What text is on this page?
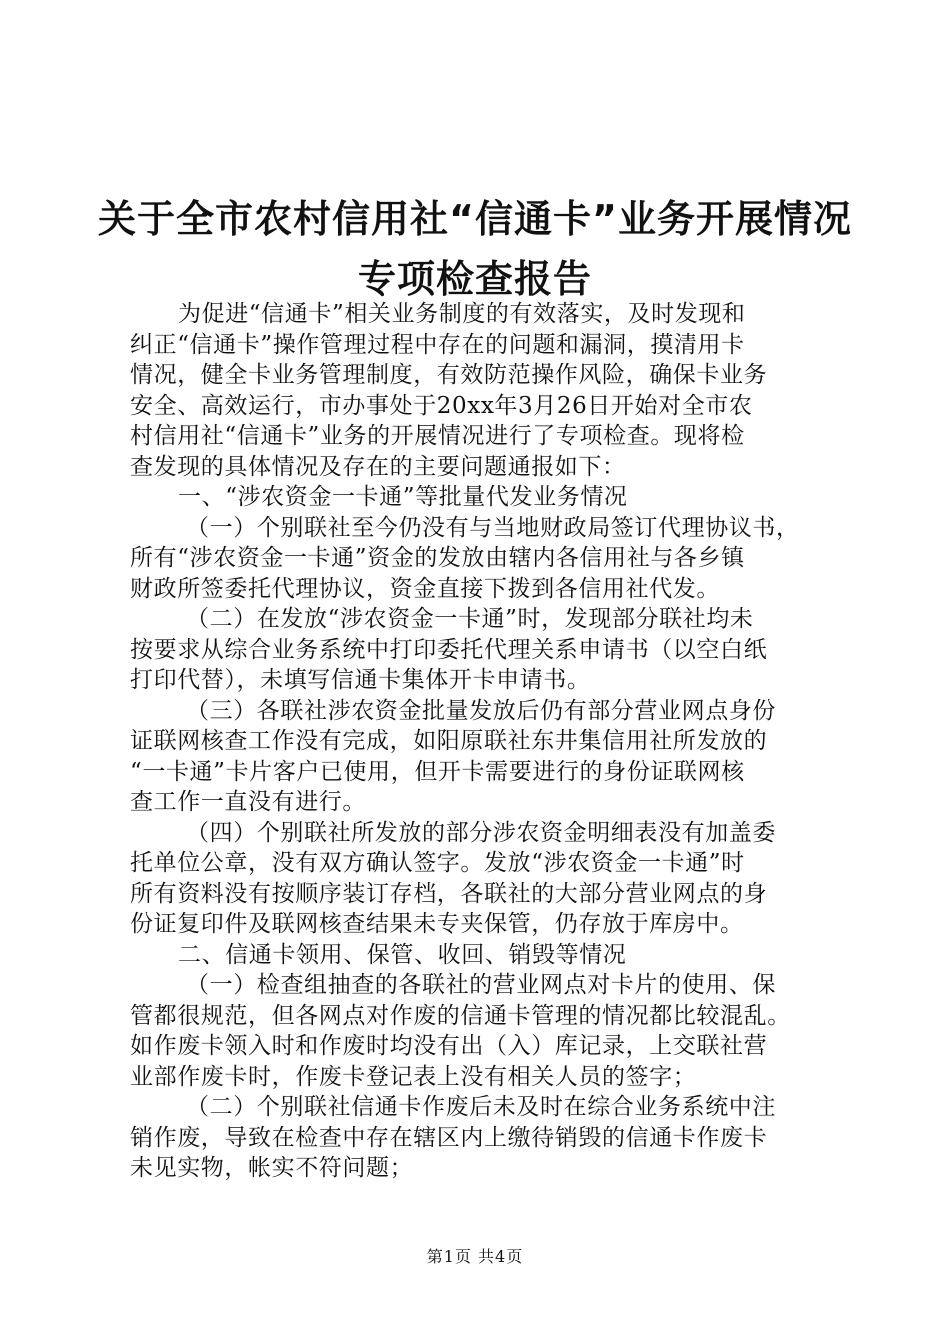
关于全市农村信用社“信通卡”业务开展情况
专项检查报告
为促进“信通卡”相关业务制度的有效落实，及时发现和
纠正“信通卡”操作管理过程中存在的问题和漏洞，摸清用卡
情况，健全卡业务管理制度，有效防范操作风险，确保卡业务
安全、高效运行，市办事处于20xx年3月26日开始对全市农
村信用社“信通卡”业务的开展情况进行了专项检查。现将检
查发现的具体情况及存在的主要问题通报如下：
一、“涉农资金一卡通”等批量代发业务情况
（一）个别联社至今仍没有与当地财政局签订代理协议书，
所有“涉农资金一卡通”资金的发放由辖内各信用社与各乡镇
财政所签委托代理协议，资金直接下拨到各信用社代发。
（二）在发放“涉农资金一卡通”时，发现部分联社均未
按要求从综合业务系统中打印委托代理关系申请书（以空白纸
打印代替），未填写信通卡集体开卡申请书。
（三）各联社涉农资金批量发放后仍有部分营业网点身份
证联网核查工作没有完成，如阳原联社东井集信用社所发放的
“一卡通”卡片客户已使用，但开卡需要进行的身份证联网核
查工作一直没有进行。
（四）个别联社所发放的部分涉农资金明细表没有加盖委
托单位公章，没有双方确认签字。发放“涉农资金一卡通”时
所有资料没有按顺序装订存档，各联社的大部分营业网点的身
份证复印件及联网核查结果未专夹保管，仍存放于库房中。
二、信通卡领用、保管、收回、销毁等情况
（一）检查组抽查的各联社的营业网点对卡片的使用、保
管都很规范，但各网点对作废的信通卡管理的情况都比较混乱。
如作废卡领入时和作废时均没有出（入）库记录，上交联社营
业部作废卡时，作废卡登记表上没有相关人员的签字；
（二）个别联社信通卡作废后未及时在综合业务系统中注
销作废，导致在检查中存在辖区内上缴待销毁的信通卡作废卡
未见实物，帐实不符问题；
第1页 共4页
